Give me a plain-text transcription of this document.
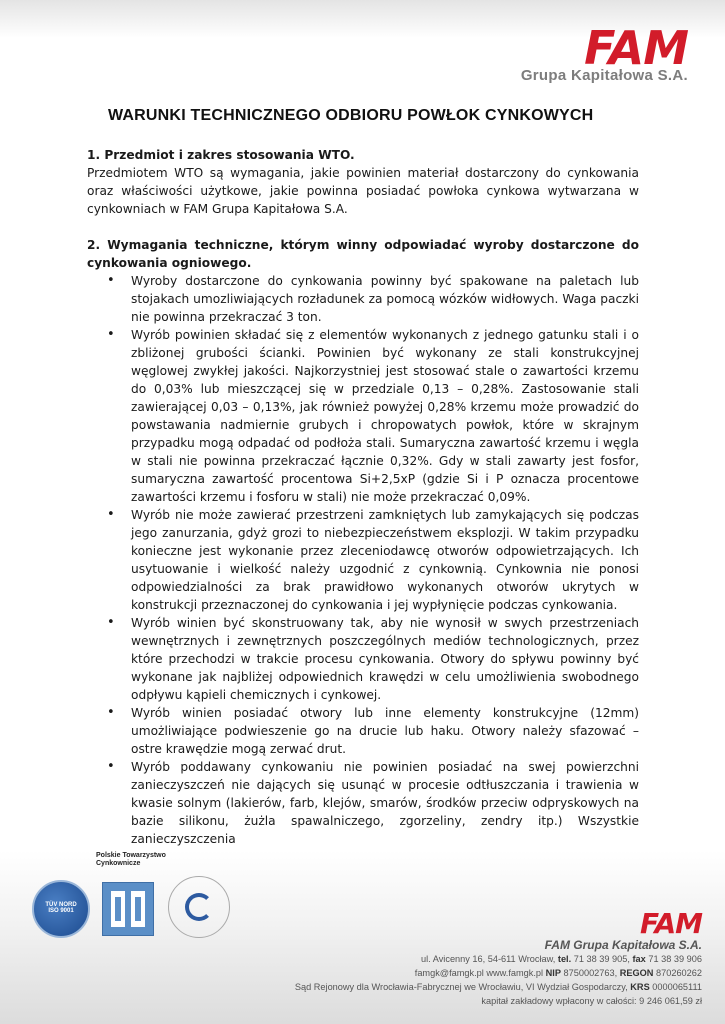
FAM
Grupa Kapitałowa S.A.
WARUNKI TECHNICZNEGO ODBIORU POWŁOK CYNKOWYCH

1. Przedmiot i zakres stosowania WTO.

Przedmiotem WTO są wymagania, jakie powinien materiał dostarczony do cynkowania oraz właściwości użytkowe, jakie powinna posiadać powłoka cynkowa wytwarzana w cynkowniach w FAM Grupa Kapitałowa S.A.

2. Wymagania techniczne, którym winny odpowiadać wyroby dostarczone do cynkowania ogniowego.

• Wyroby dostarczone do cynkowania powinny być spakowane na paletach lub stojakach umozliwiających rozładunek za pomocą wózków widłowych. Waga paczki nie powinna przekraczać 3 ton.
• Wyrób powinien składać się z elementów wykonanych z jednego gatunku stali i o zbliżonej grubości ścianki. Powinien być wykonany ze stali konstrukcyjnej węglowej zwykłej jakości. Najkorzystniej jest stosować stale o zawartości krzemu do 0,03% lub mieszczącej się w przedziale 0,13 – 0,28%. Zastosowanie stali zawierającej 0,03 – 0,13%, jak również powyżej 0,28% krzemu może prowadzić do powstawania nadmiernie grubych i chropowatych powłok, które w skrajnym przypadku mogą odpadać od podłoża stali. Sumaryczna zawartość krzemu i węgla w stali nie powinna przekraczać łącznie 0,32%. Gdy w stali zawarty jest fosfor, sumaryczna zawartość procentowa Si+2,5xP (gdzie Si i P oznacza procentowe zawartości krzemu i fosforu w stali) nie może przekraczać 0,09%.
• Wyrób nie może zawierać przestrzeni zamkniętych lub zamykających się podczas jego zanurzania, gdyż grozi to niebezpieczeństwem eksplozji. W takim przypadku konieczne jest wykonanie przez zleceniodawcę otworów odpowietrzających. Ich usytuowanie i wielkość należy uzgodnić z cynkownią. Cynkownia nie ponosi odpowiedzialności za brak prawidłowo wykonanych otworów ukrytych w konstrukcji przeznaczonej do cynkowania i jej wypłynięcie podczas cynkowania.
• Wyrób winien być skonstruowany tak, aby nie wynosił w swych przestrzeniach wewnętrznych i zewnętrznych poszczególnych mediów technologicznych, przez które przechodzi w trakcie procesu cynkowania. Otwory do spływu powinny być wykonane jak najbliżej odpowiednich krawędzi w celu umożliwienia swobodnego odpływu kąpieli chemicznych i cynkowej.
• Wyrób winien posiadać otwory lub inne elementy konstrukcyjne (12mm) umożliwiające podwieszenie go na drucie lub haku. Otwory należy sfazować – ostre krawędzie mogą zerwać drut.
• Wyrób poddawany cynkowaniu nie powinien posiadać na swej powierzchni zanieczyszczeń nie dających się usunąć w procesie odtłuszczania i trawienia w kwasie solnym (lakierów, farb, klejów, smarów, środków przeciw odpryskowych na bazie silikonu, żużla spawalniczego, zgorzeliny, zendry itp.) Wszystkie zanieczyszczenia
TÜV NORD
ISO 9001
Polskie Towarzystwo Cynkownicze
FAM
FAM Grupa Kapitałowa S.A.
ul. Avicenny 16, 54-611 Wrocław, tel. 71 38 39 905, fax 71 38 39 906
famgk@famgk.pl www.famgk.pl NIP 8750002763, REGON 870260262
Sąd Rejonowy dla Wrocławia-Fabrycznej we Wrocławiu, VI Wydział Gospodarczy, KRS 0000065111
kapitał zakładowy wpłacony w całości: 9 246 061,59 zł
